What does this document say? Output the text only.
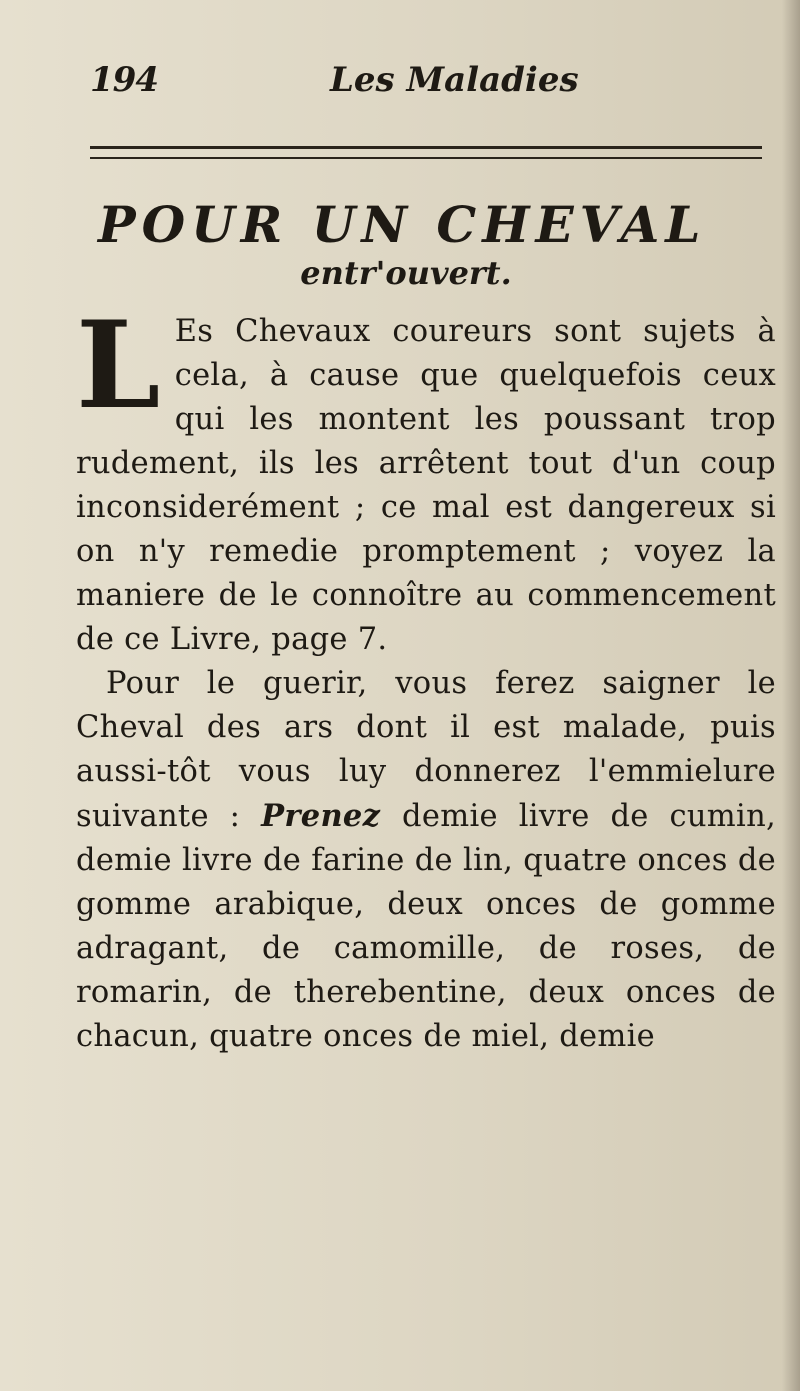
194	Les Maladies
POUR UN CHEVAL
entr'ouvert.

L Es Chevaux coureurs sont sujets à cela, à cause que quelquefois ceux qui les montent les poussant trop rudement, ils les arrêtent tout d'un coup inconsiderément ; ce mal est dangereux si on n'y remedie promptement ; voyez la maniere de le connoître au commencement de ce Livre, page 7.

Pour le guerir, vous ferez saigner le Cheval des ars dont il est malade, puis aussi-tôt vous luy donnerez l'emmielure suivante : Prenez demie livre de cumin, demie livre de farine de lin, quatre onces de gomme arabique, deux onces de gomme adragant, de camomille, de roses, de romarin, de therebentine, deux onces de chacun, quatre onces de miel, demie
